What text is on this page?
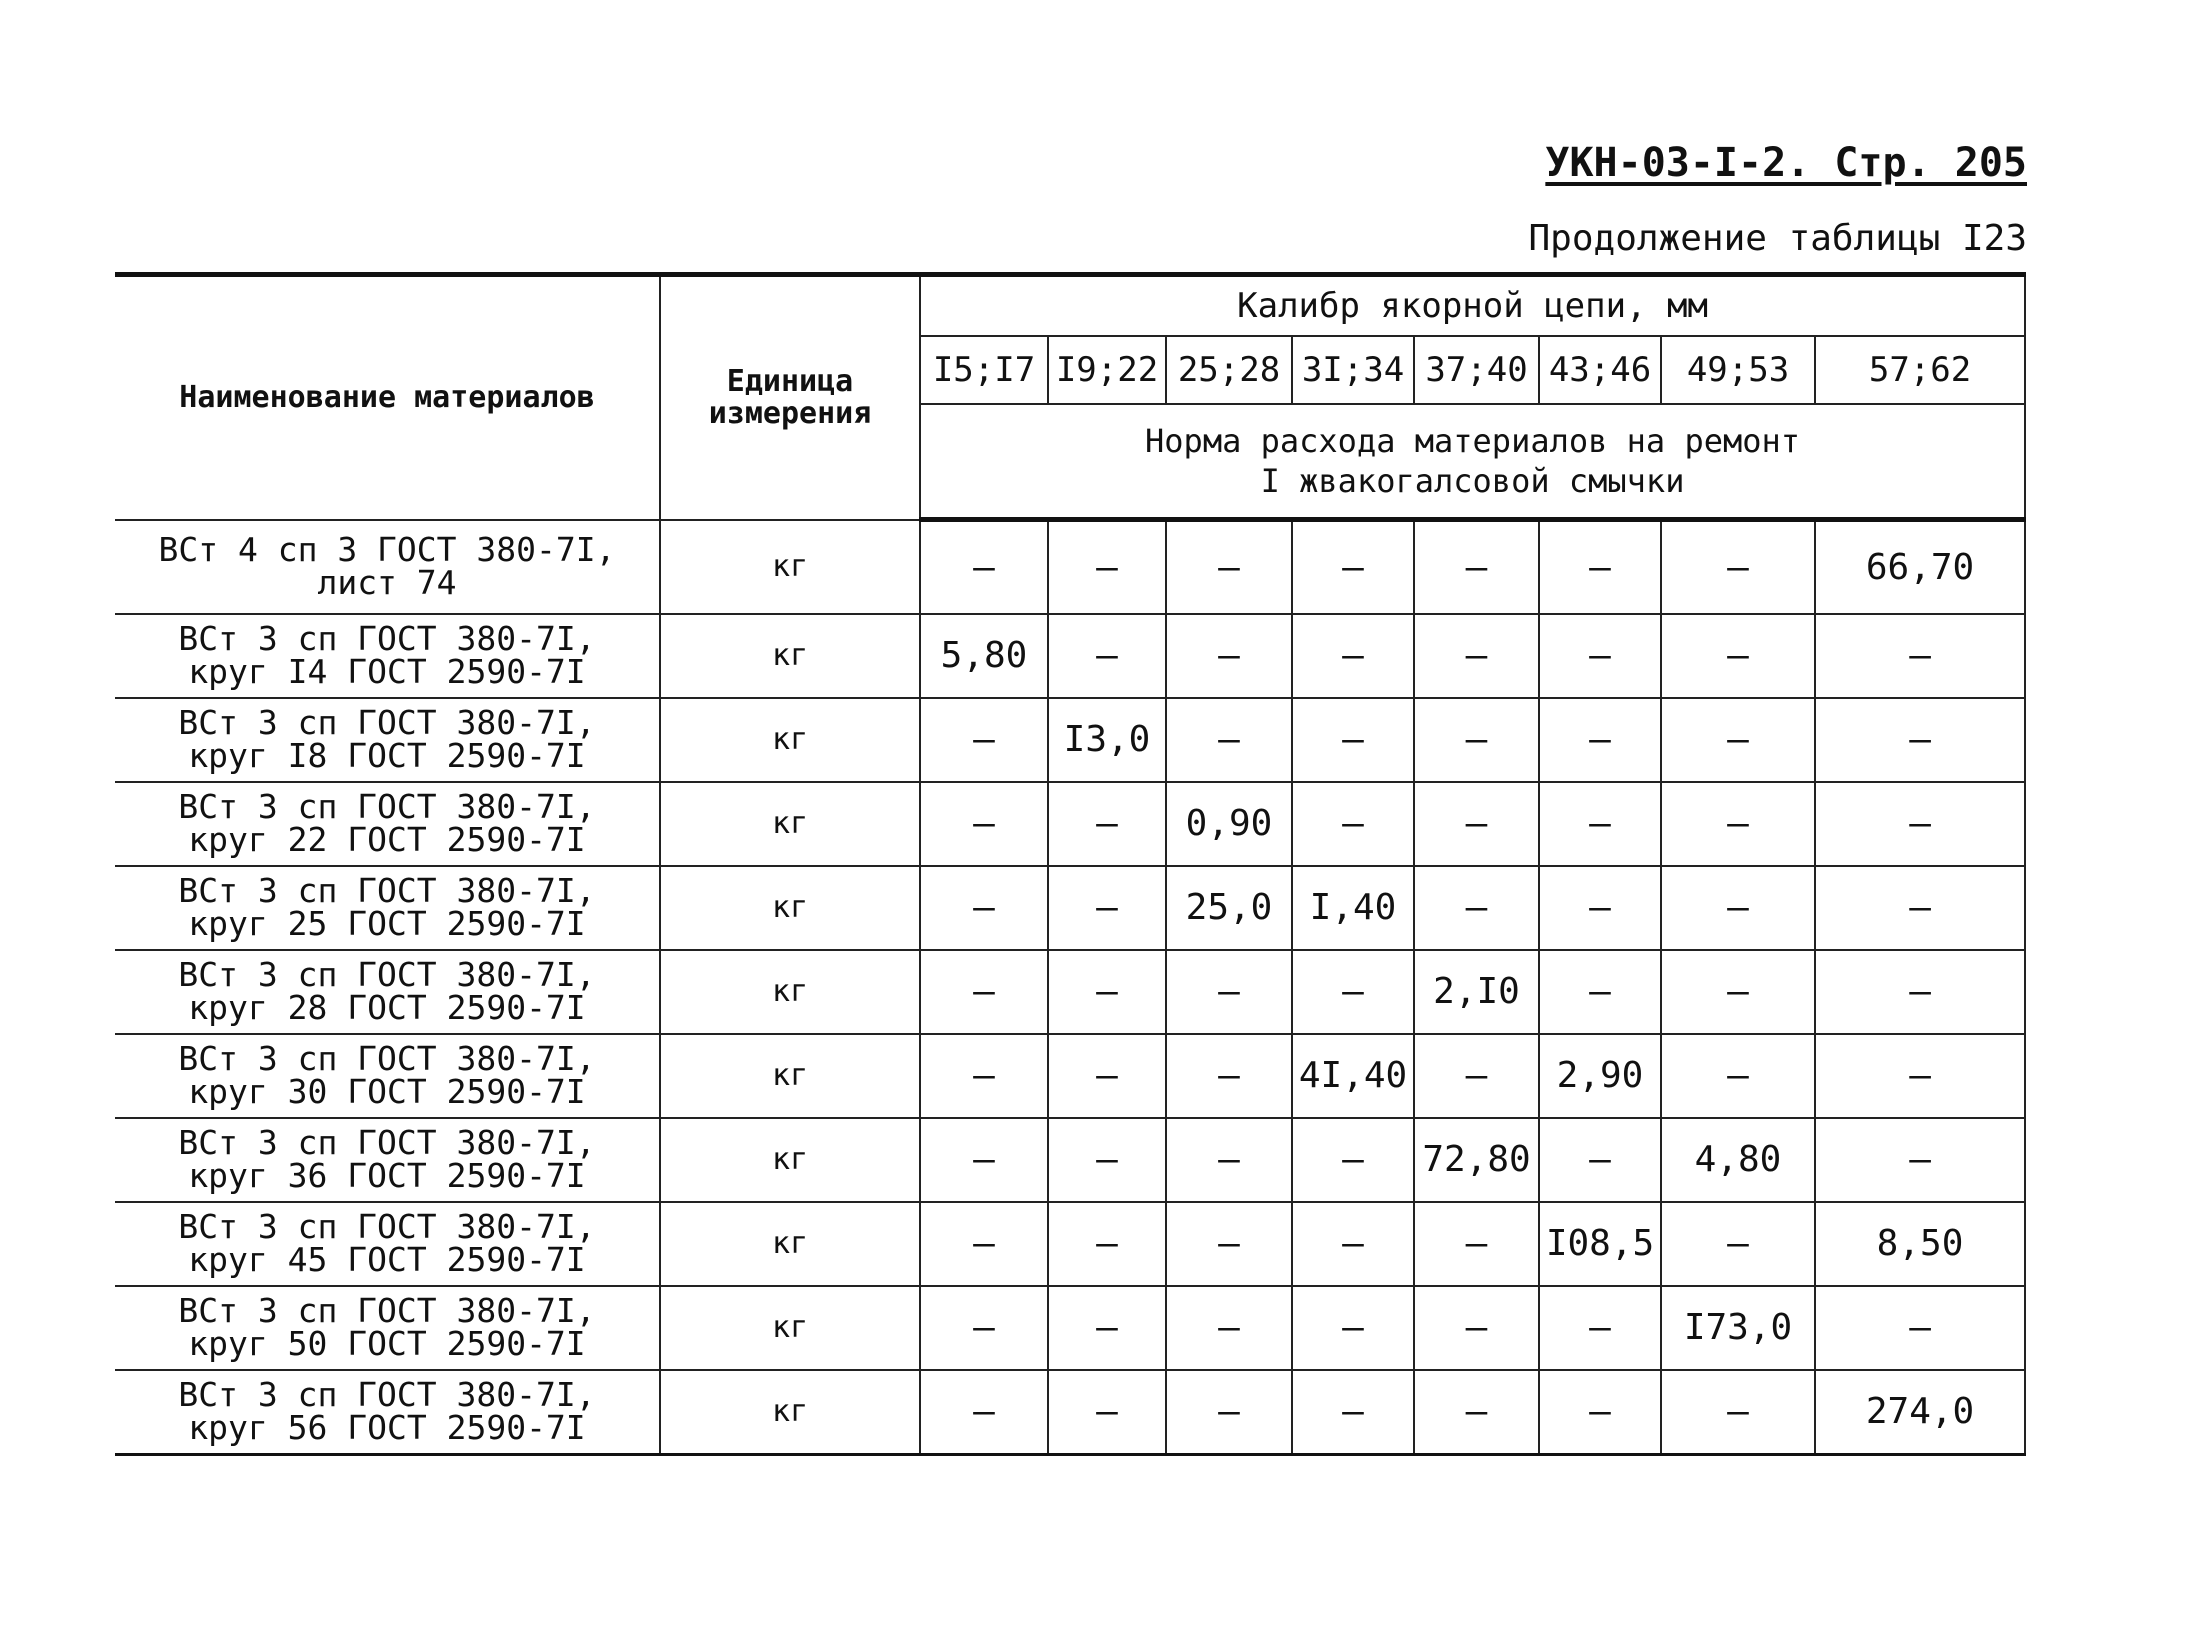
УКН-03-I-2. Стр. 205
Продолжение таблицы I23
Наименование материалов	Единица измерения	Калибр якорной цепи, мм							
		I5;I7	I9;22	25;28	3I;34	37;40	43;46	49;53	57;62

		Норма расхода материалов на ремонт
I жвакогалсовой смычки							

ВСт 4 сп 3 ГОСТ 380-7I,
лист 74	кг	–	–	–	–	–	–	–	66,70

ВСт 3 сп ГОСТ 380-7I,
круг I4 ГОСТ 2590-7I	кг	5,80	–	–	–	–	–	–	–

ВСт 3 сп ГОСТ 380-7I,
круг I8 ГОСТ 2590-7I	кг	–	I3,0	–	–	–	–	–	–

ВСт 3 сп ГОСТ 380-7I,
круг 22 ГОСТ 2590-7I	кг	–	–	0,90	–	–	–	–	–

ВСт 3 сп ГОСТ 380-7I,
круг 25 ГОСТ 2590-7I	кг	–	–	25,0	I,40	–	–	–	–

ВСт 3 сп ГОСТ 380-7I,
круг 28 ГОСТ 2590-7I	кг	–	–	–	–	2,I0	–	–	–

ВСт 3 сп ГОСТ 380-7I,
круг 30 ГОСТ 2590-7I	кг	–	–	–	4I,40	–	2,90	–	–

ВСт 3 сп ГОСТ 380-7I,
круг 36 ГОСТ 2590-7I	кг	–	–	–	–	72,80	–	4,80	–

ВСт 3 сп ГОСТ 380-7I,
круг 45 ГОСТ 2590-7I	кг	–	–	–	–	–	I08,5	–	8,50

ВСт 3 сп ГОСТ 380-7I,
круг 50 ГОСТ 2590-7I	кг	–	–	–	–	–	–	I73,0	–

ВСт 3 сп ГОСТ 380-7I,
круг 56 ГОСТ 2590-7I	кг	–	–	–	–	–	–	–	274,0
